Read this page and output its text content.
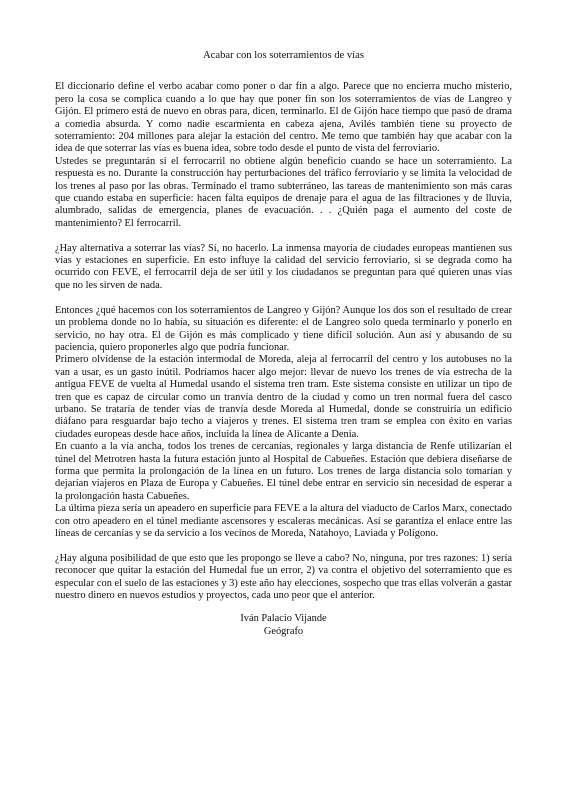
Acabar con los soterramientos de vías

El diccionario define el verbo acabar como poner o dar fin a algo. Parece que no encierra mucho misterio, pero la cosa se complica cuando a lo que hay que poner fin son los soterramientos de vías de Langreo y Gijón. El primero está de nuevo en obras para, dicen, terminarlo. El de Gijón hace tiempo que pasó de drama a comedia absurda. Y como nadie escarmienta en cabeza ajena, Avilés también tiene su proyecto de soterramiento: 204 millones para alejar la estación del centro. Me temo que también hay que acabar con la idea de que soterrar las vías es buena idea, sobre todo desde el punto de vista del ferroviario.

Ustedes se preguntarán si el ferrocarril no obtiene algún beneficio cuando se hace un soterramiento. La respuesta es no. Durante la construcción hay perturbaciones del tráfico ferroviario y se limita la velocidad de los trenes al paso por las obras. Terminado el tramo subterráneo, las tareas de mantenimiento son más caras que cuando estaba en superficie: hacen falta equipos de drenaje para el agua de las filtraciones y de lluvia, alumbrado, salidas de emergencia, planes de evacuación. . . ¿Quién paga el aumento del coste de mantenimiento? El ferrocarril.

¿Hay alternativa a soterrar las vías? Sí, no hacerlo. La inmensa mayoría de ciudades europeas mantienen sus vías y estaciones en superficie. En esto influye la calidad del servicio ferroviario, si se degrada como ha ocurrido con FEVE, el ferrocarril deja de ser útil y los ciudadanos se preguntan para qué quieren unas vías que no les sirven de nada.

Entonces ¿qué hacemos con los soterramientos de Langreo y Gijón? Aunque los dos son el resultado de crear un problema donde no lo había, su situación es diferente: el de Langreo solo queda terminarlo y ponerlo en servicio, no hay otra. El de Gijón es más complicado y tiene difícil solución. Aun así y abusando de su paciencia, quiero proponerles algo que podría funcionar.

Primero olvídense de la estación intermodal de Moreda, aleja al ferrocarril del centro y los autobuses no la van a usar, es un gasto inútil. Podríamos hacer algo mejor: llevar de nuevo los trenes de vía estrecha de la antigua FEVE de vuelta al Humedal usando el sistema tren tram. Este sistema consiste en utilizar un tipo de tren que es capaz de circular como un tranvía dentro de la ciudad y como un tren normal fuera del casco urbano. Se trataría de tender vías de tranvía desde Moreda al Humedal, donde se construiría un edificio diáfano para resguardar bajo techo a viajeros y trenes. El sistema tren tram se emplea con éxito en varias ciudades europeas desde hace años, incluida la línea de Alicante a Denia.

En cuanto a la vía ancha, todos los trenes de cercanías, regionales y larga distancia de Renfe utilizarían el túnel del Metrotren hasta la futura estación junto al Hospital de Cabueñes. Estación que debiera diseñarse de forma que permita la prolongación de la línea en un futuro. Los trenes de larga distancia solo tomarían y dejarían viajeros en Plaza de Europa y Cabueñes. El túnel debe entrar en servicio sin necesidad de esperar a la prolongación hasta Cabueñes.

La última pieza sería un apeadero en superficie para FEVE a la altura del viaducto de Carlos Marx, conectado con otro apeadero en el túnel mediante ascensores y escaleras mecánicas. Así se garantiza el enlace entre las líneas de cercanías y se da servicio a los vecinos de Moreda, Natahoyo, Laviada y Polígono.

¿Hay alguna posibilidad de que esto que les propongo se lleve a cabo? No, ninguna, por tres razones: 1) sería reconocer que quitar la estación del Humedal fue un error, 2) va contra el objetivo del soterramiento que es especular con el suelo de las estaciones y 3) este año hay elecciones, sospecho que tras ellas volverán a gastar nuestro dinero en nuevos estudios y proyectos, cada uno peor que el anterior.

Iván Palacio Vijande

Geógrafo
